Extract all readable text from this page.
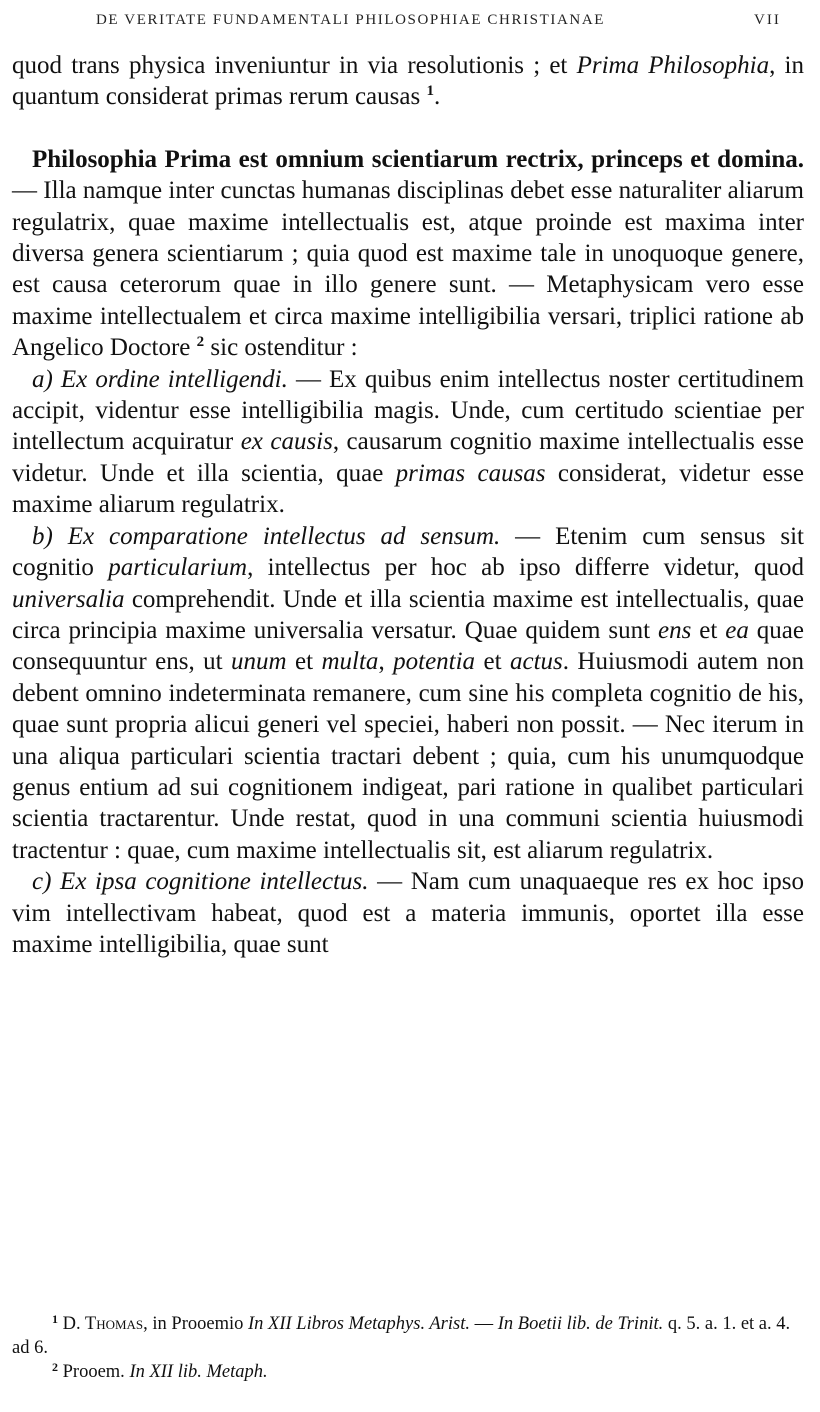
DE VERITATE FUNDAMENTALI PHILOSOPHIAE CHRISTIANAE	VII

quod trans physica inveniuntur in via resolutionis ; et Prima Philosophia, in quantum considerat primas rerum causas $^1$.

Philosophia Prima est omnium scientiarum rectrix, princeps et domina. — Illa namque inter cunctas humanas disciplinas debet esse naturaliter aliarum regulatrix, quae maxime intellectualis est, atque proinde est maxima inter diversa genera scientiarum ; quia quod est maxime tale in unoquoque genere, est causa ceterorum quae in illo genere sunt. — Metaphysicam vero esse maxime intellectualem et circa maxime intelligibilia versari, triplici ratione ab Angelico Doctore $^2$ sic ostenditur :

a) Ex ordine intelligendi. — Ex quibus enim intellectus noster certitudinem accipit, videntur esse intelligibilia magis. Unde, cum certitudo scientiae per intellectum acquiratur ex causis, causarum cognitio maxime intellectualis esse videtur. Unde et illa scientia, quae primas causas considerat, videtur esse maxime aliarum regulatrix.

b) Ex comparatione intellectus ad sensum. — Etenim cum sensus sit cognitio particularium, intellectus per hoc ab ipso differre videtur, quod universalia comprehendit. Unde et illa scientia maxime est intellectualis, quae circa principia maxime universalia versatur. Quae quidem sunt ens et ea quae consequuntur ens, ut unum et multa, potentia et actus. Huiusmodi autem non debent omnino indeterminata remanere, cum sine his completa cognitio de his, quae sunt propria alicui generi vel speciei, haberi non possit. — Nec iterum in una aliqua particulari scientia tractari debent ; quia, cum his unumquodque genus entium ad sui cognitionem indigeat, pari ratione in qualibet particulari scientia tractarentur. Unde restat, quod in una communi scientia huiusmodi tractentur : quae, cum maxime intellectualis sit, est aliarum regulatrix.

c) Ex ipsa cognitione intellectus. — Nam cum unaquaeque res ex hoc ipso vim intellectivam habeat, quod est a materia immunis, oportet illa esse maxime intelligibilia, quae sunt

$^1$ D. Thomas, in Prooemio In XII Libros Metaphys. Arist. — In Boetii lib. de Trinit. q. 5. a. 1. et a. 4. ad 6.

$^2$ Prooem. In XII lib. Metaph.
